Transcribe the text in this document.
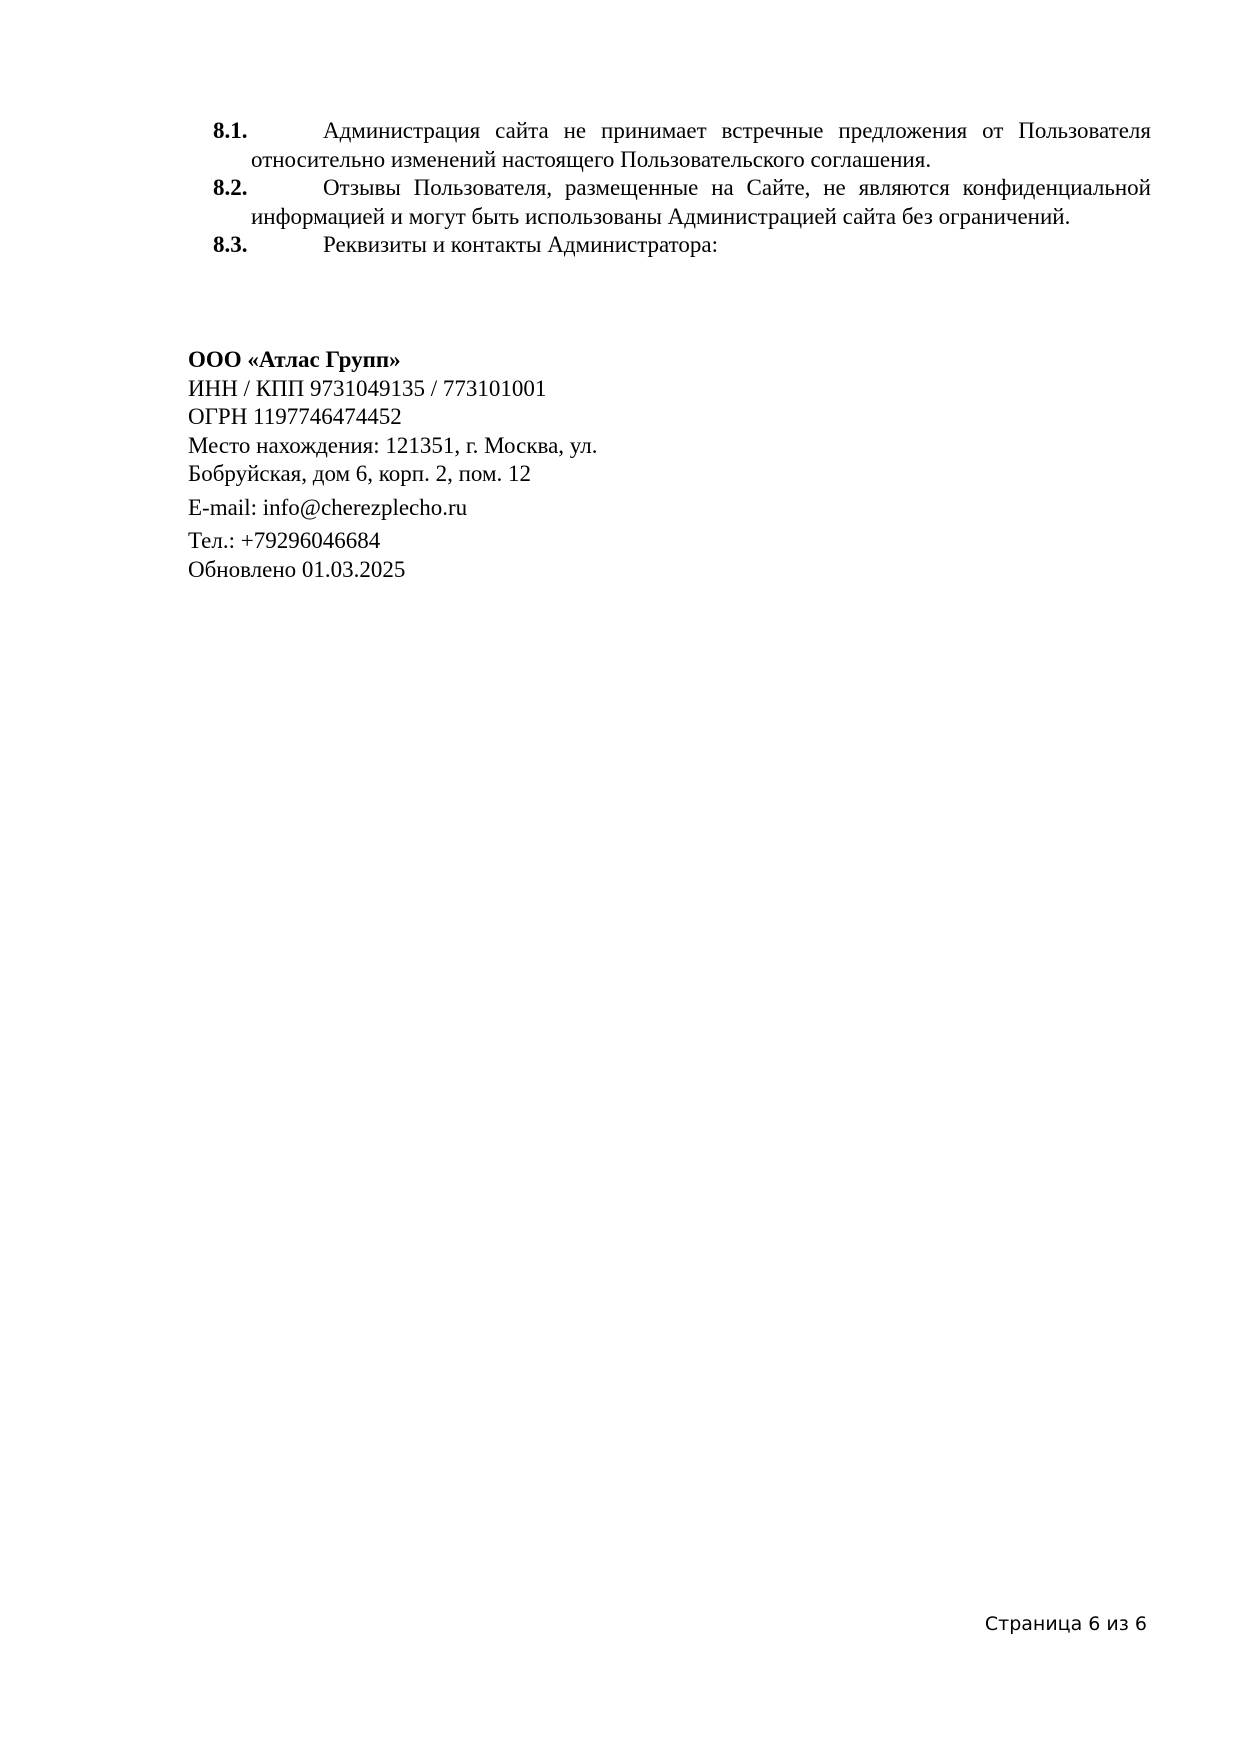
8.1.	Администрация сайта не принимает встречные предложения от Пользователя относительно изменений настоящего Пользовательского соглашения.
8.2.	Отзывы Пользователя, размещенные на Сайте, не являются конфиденциальной информацией и могут быть использованы Администрацией сайта без ограничений.
8.3.	Реквизиты и контакты Администратора:
ООО «Атлас Групп»
ИНН / КПП 9731049135 / 773101001
ОГРН 1197746474452
Место нахождения: 121351, г. Москва, ул.
Бобруйская, дом 6, корп. 2, пом. 12
E-mail: info@cherezplecho.ru
Тел.: +79296046684
Обновлено 01.03.2025
Страница 6 из 6
